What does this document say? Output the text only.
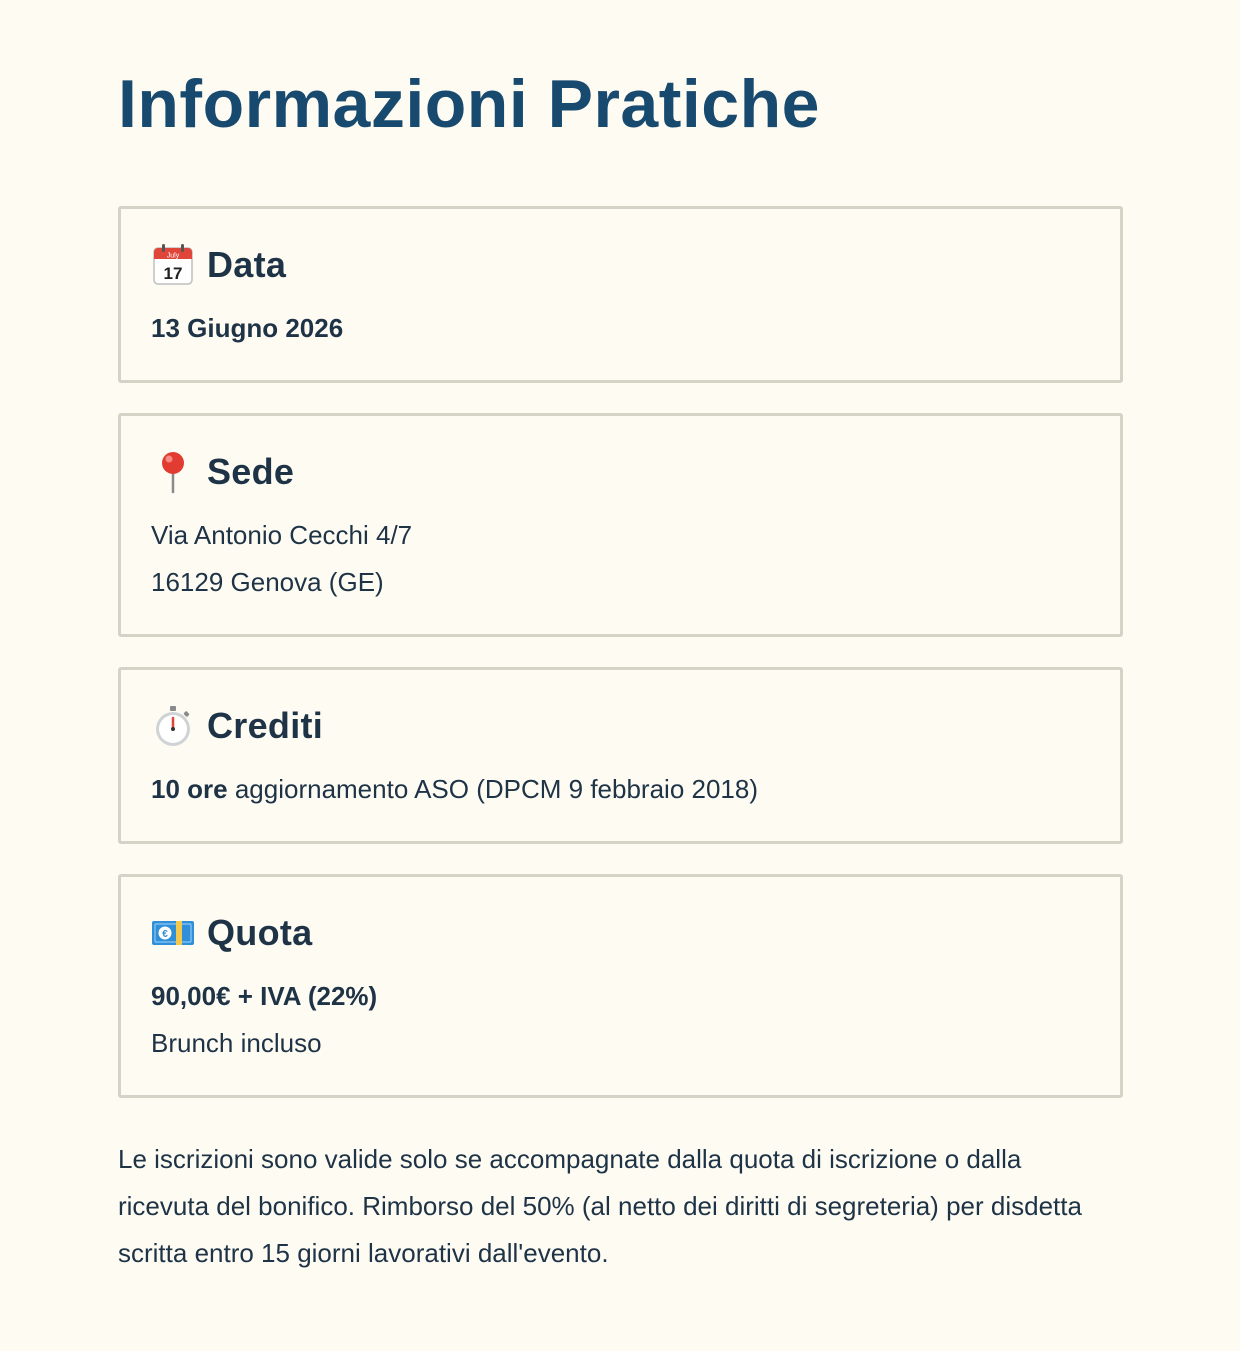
Informazioni Pratiche
July
17 Data
13 Giugno 2026
Sede
Via Antonio Cecchi 4/7
16129 Genova (GE)
Crediti
10 ore aggiornamento ASO (DPCM 9 febbraio 2018)
€ Quota
90,00€ + IVA (22%)
Brunch incluso

Le iscrizioni sono valide solo se accompagnate dalla quota di iscrizione o dalla ricevuta del bonifico. Rimborso del 50% (al netto dei diritti di segreteria) per disdetta scritta entro 15 giorni lavorativi dall'evento.
